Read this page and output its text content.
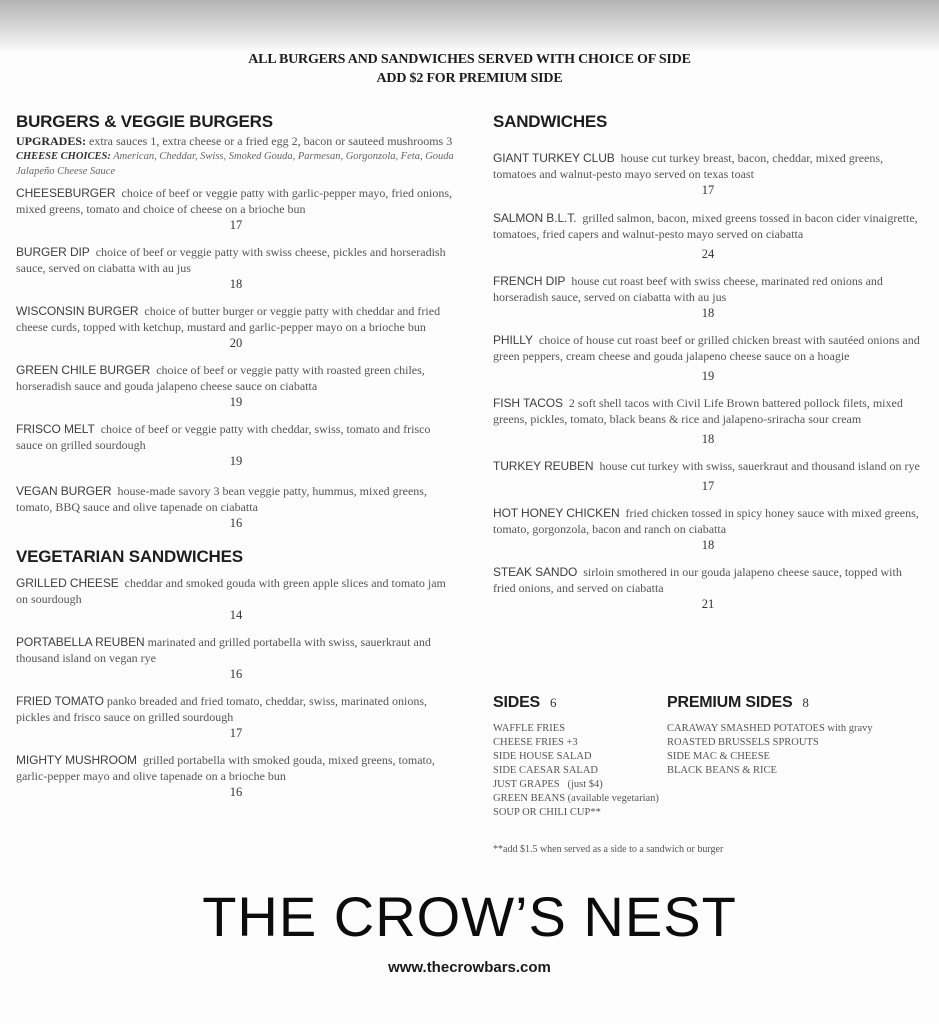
ALL BURGERS AND SANDWICHES SERVED WITH CHOICE OF SIDE
ADD $2 FOR PREMIUM SIDE
BURGERS & VEGGIE BURGERS

UPGRADES: extra sauces 1, extra cheese or a fried egg 2, bacon or sauteed mushrooms 3

CHEESE CHOICES: American, Cheddar, Swiss, Smoked Gouda, Parmesan, Gorgonzola, Feta, Gouda Jalapeño Cheese Sauce

CHEESEBURGER choice of beef or veggie patty with garlic-pepper mayo, fried onions, mixed greens, tomato and choice of cheese on a brioche bun

17

BURGER DIP choice of beef or veggie patty with swiss cheese, pickles and horseradish sauce, served on ciabatta with au jus

18

WISCONSIN BURGER choice of butter burger or veggie patty with cheddar and fried cheese curds, topped with ketchup, mustard and garlic-pepper mayo on a brioche bun

20

GREEN CHILE BURGER choice of beef or veggie patty with roasted green chiles, horseradish sauce and gouda jalapeno cheese sauce on ciabatta

19

FRISCO MELT choice of beef or veggie patty with cheddar, swiss, tomato and frisco sauce on grilled sourdough

19

VEGAN BURGER house-made savory 3 bean veggie patty, hummus, mixed greens, tomato, BBQ sauce and olive tapenade on ciabatta

16

VEGETARIAN SANDWICHES

GRILLED CHEESE cheddar and smoked gouda with green apple slices and tomato jam on sourdough

14

PORTABELLA REUBEN marinated and grilled portabella with swiss, sauerkraut and thousand island on vegan rye

16

FRIED TOMATO panko breaded and fried tomato, cheddar, swiss, marinated onions, pickles and frisco sauce on grilled sourdough

17

MIGHTY MUSHROOM grilled portabella with smoked gouda, mixed greens, tomato, garlic-pepper mayo and olive tapenade on a brioche bun

16

SANDWICHES

GIANT TURKEY CLUB house cut turkey breast, bacon, cheddar, mixed greens, tomatoes and walnut-pesto mayo served on texas toast

17

SALMON B.L.T. grilled salmon, bacon, mixed greens tossed in bacon cider vinaigrette, tomatoes, fried capers and walnut-pesto mayo served on ciabatta

24

FRENCH DIP house cut roast beef with swiss cheese, marinated red onions and horseradish sauce, served on ciabatta with au jus

18

PHILLY choice of house cut roast beef or grilled chicken breast with sautéed onions and green peppers, cream cheese and gouda jalapeno cheese sauce on a hoagie

19

FISH TACOS 2 soft shell tacos with Civil Life Brown battered pollock filets, mixed greens, pickles, tomato, black beans & rice and jalapeno-sriracha sour cream

18

TURKEY REUBEN house cut turkey with swiss, sauerkraut and thousand island on rye

17

HOT HONEY CHICKEN fried chicken tossed in spicy honey sauce with mixed greens, tomato, gorgonzola, bacon and ranch on ciabatta

18

STEAK SANDO sirloin smothered in our gouda jalapeno cheese sauce, topped with fried onions, and served on ciabatta

21

SIDES 6
WAFFLE FRIES
CHEESE FRIES +3
SIDE HOUSE SALAD
SIDE CAESAR SALAD
JUST GRAPES   (just $4)
GREEN BEANS (available vegetarian)
SOUP OR CHILI CUP**
PREMIUM SIDES 8
CARAWAY SMASHED POTATOES with gravy
ROASTED BRUSSELS SPROUTS
SIDE MAC & CHEESE
BLACK BEANS & RICE
**add $1.5 when served as a side to a sandwich or burger
THE CROW’S NEST
www.thecrowbars.com
